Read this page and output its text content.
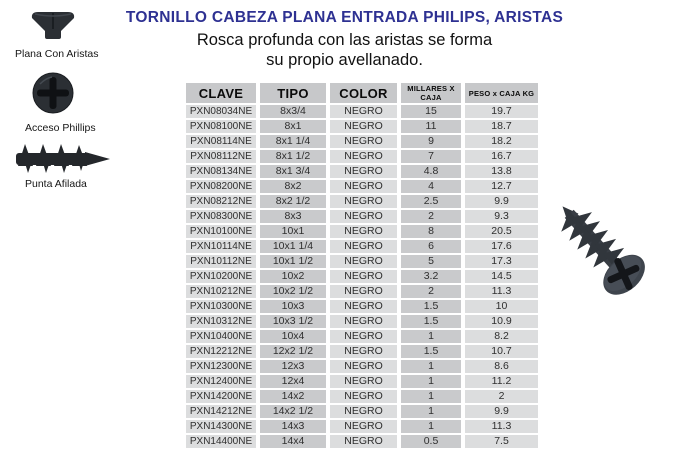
TORNILLO CABEZA PLANA ENTRADA PHILIPS, ARISTAS
Rosca profunda con las aristas se forma
su propio avellanado.
Plana Con Aristas
Acceso Phillips
Punta Afilada
CLAVE	TIPO	COLOR	MILLARES X CAJA	PESO x CAJA KG
PXN08034NE	8x3/4	NEGRO	15	19.7
PXN08100NE	8x1	NEGRO	11	18.7
PXN08114NE	8x1 1/4	NEGRO	9	18.2
PXN08112NE	8x1 1/2	NEGRO	7	16.7
PXN08134NE	8x1 3/4	NEGRO	4.8	13.8
PXN08200NE	8x2	NEGRO	4	12.7
PXN08212NE	8x2 1/2	NEGRO	2.5	9.9
PXN08300NE	8x3	NEGRO	2	9.3
PXN10100NE	10x1	NEGRO	8	20.5
PXN10114NE	10x1 1/4	NEGRO	6	17.6
PXN10112NE	10x1 1/2	NEGRO	5	17.3
PXN10200NE	10x2	NEGRO	3.2	14.5
PXN10212NE	10x2 1/2	NEGRO	2	11.3
PXN10300NE	10x3	NEGRO	1.5	10
PXN10312NE	10x3 1/2	NEGRO	1.5	10.9
PXN10400NE	10x4	NEGRO	1	8.2
PXN12212NE	12x2 1/2	NEGRO	1.5	10.7
PXN12300NE	12x3	NEGRO	1	8.6
PXN12400NE	12x4	NEGRO	1	11.2
PXN14200NE	14x2	NEGRO	1	2
PXN14212NE	14x2 1/2	NEGRO	1	9.9
PXN14300NE	14x3	NEGRO	1	11.3
PXN14400NE	14x4	NEGRO	0.5	7.5
